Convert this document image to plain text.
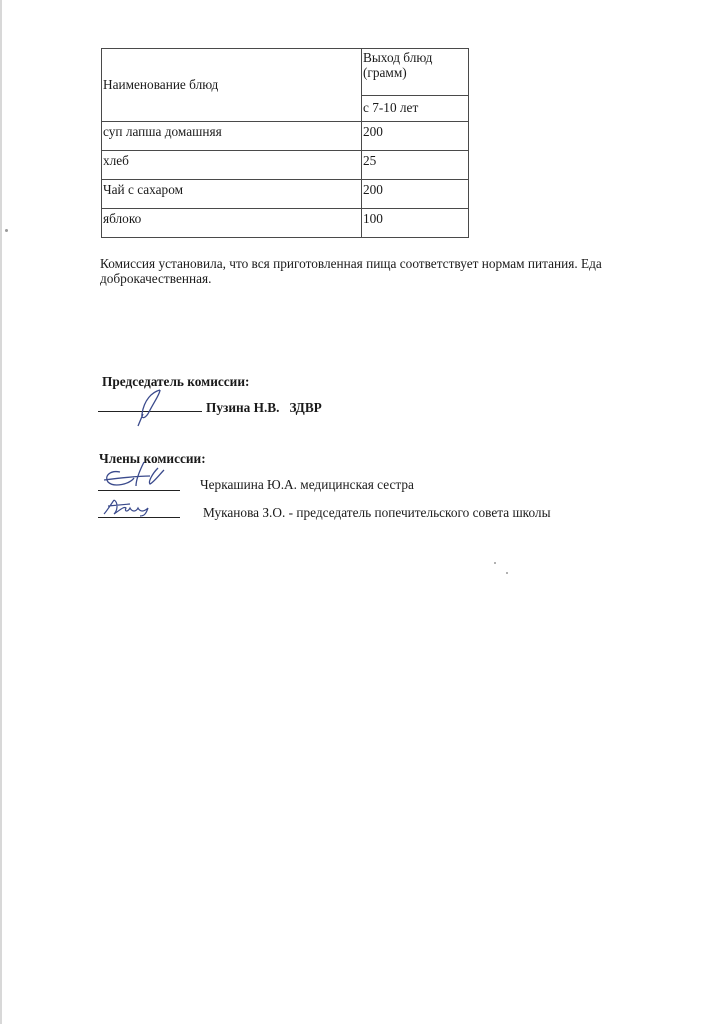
Наименование блюд	Выход блюд (грамм)
	с 7-10 лет
суп лапша домашняя	200
хлеб	25
Чай с сахаром	200
яблоко	100
Комиссия установила, что вся приготовленная пища соответствует нормам питания. Еда доброкачественная.
Председатель комиссии:
Пузина Н.В.   ЗДВР
Члены комиссии:
Черкашина Ю.А. медицинская сестра
Муканова З.О. - председатель попечительского совета школы
